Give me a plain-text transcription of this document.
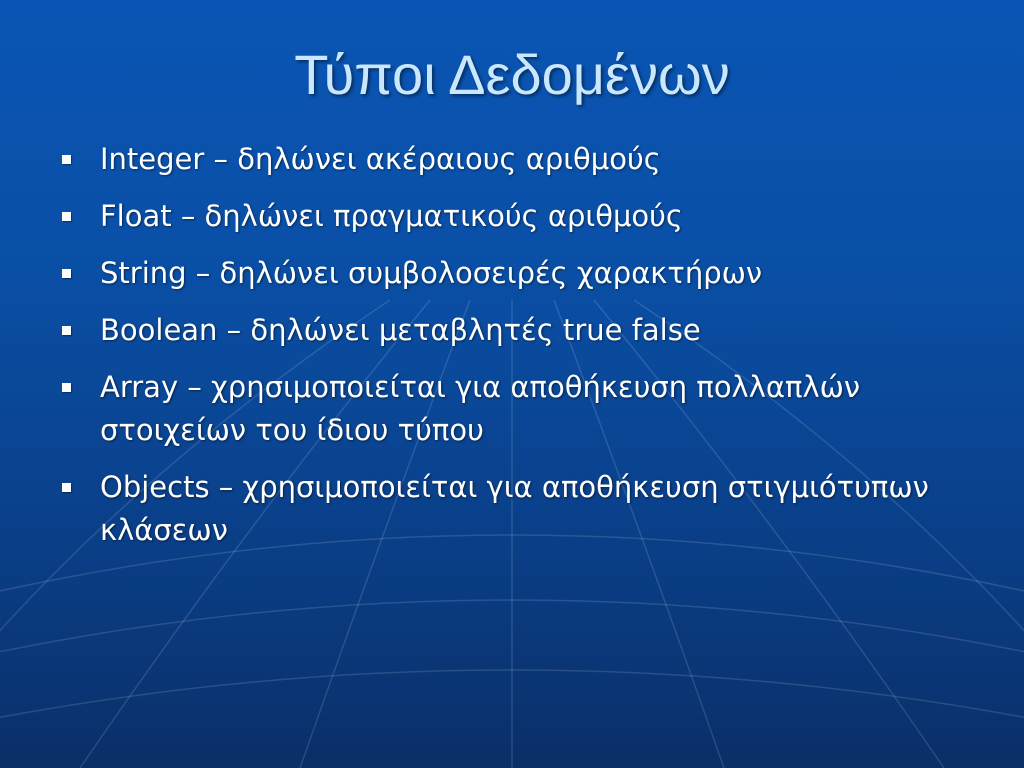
Τύποι Δεδομένων
Integer – δηλώνει ακέραιους αριθμούς
Float – δηλώνει πραγματικούς αριθμούς
String – δηλώνει συμβολοσειρές χαρακτήρων
Boolean – δηλώνει μεταβλητές true false
Array – χρησιμοποιείται για αποθήκευση πολλαπλών στοιχείων του ίδιου τύπου
Objects – χρησιμοποιείται για αποθήκευση στιγμιότυπων κλάσεων
